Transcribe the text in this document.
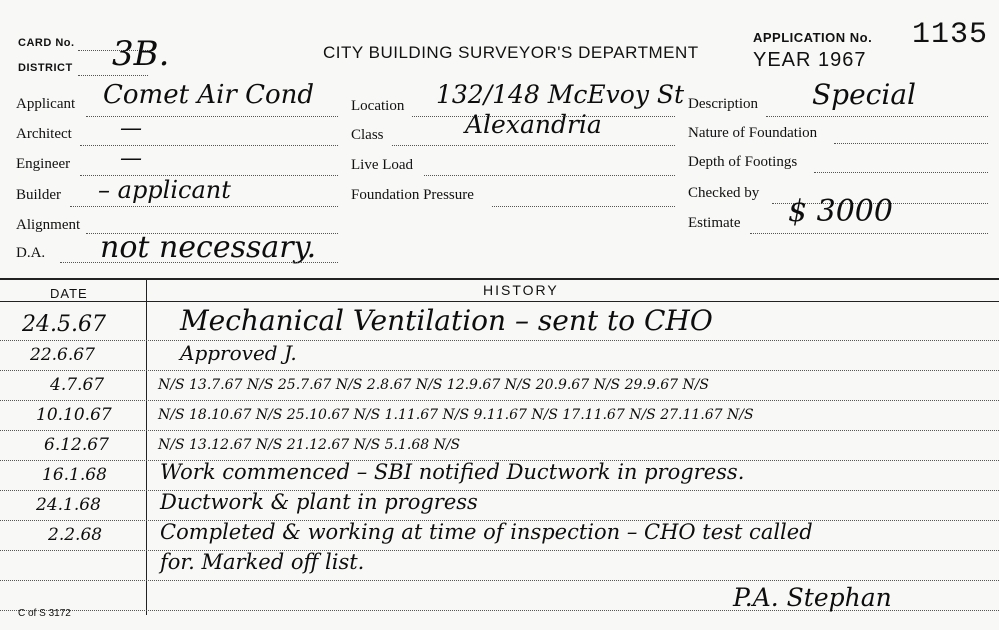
CARD No.
DISTRICT 3B.	CITY BUILDING SURVEYOR'S DEPARTMENT
APPLICATION No. 1135
YEAR 1967
Applicant Comet Air Cond
Architect —
Engineer —
Builder – applicant
Alignment
D.A. not necessary.
Location 132/148 McEvoy St
Class	Alexandria
Live Load
Foundation Pressure
Description Special
Nature of Foundation
Depth of Footings
Checked by
Estimate $ 3000
DATE	HISTORY
24.5.67	Mechanical Ventilation – sent to CHO
22.6.67	Approved J.
4.7.67	N/S 13.7.67 N/S 25.7.67 N/S 2.8.67 N/S 12.9.67 N/S 20.9.67 N/S 29.9.67 N/S
10.10.67	N/S 18.10.67 N/S 25.10.67 N/S 1.11.67 N/S 9.11.67 N/S 17.11.67 N/S 27.11.67 N/S
6.12.67	N/S 13.12.67 N/S 21.12.67 N/S 5.1.68 N/S
16.1.68	Work commenced – SBI notified Ductwork in progress.
24.1.68	Ductwork & plant in progress
2.2.68	Completed & working at time of inspection – CHO test called
for. Marked off list.
P.A. Stephan
C of S 3172
